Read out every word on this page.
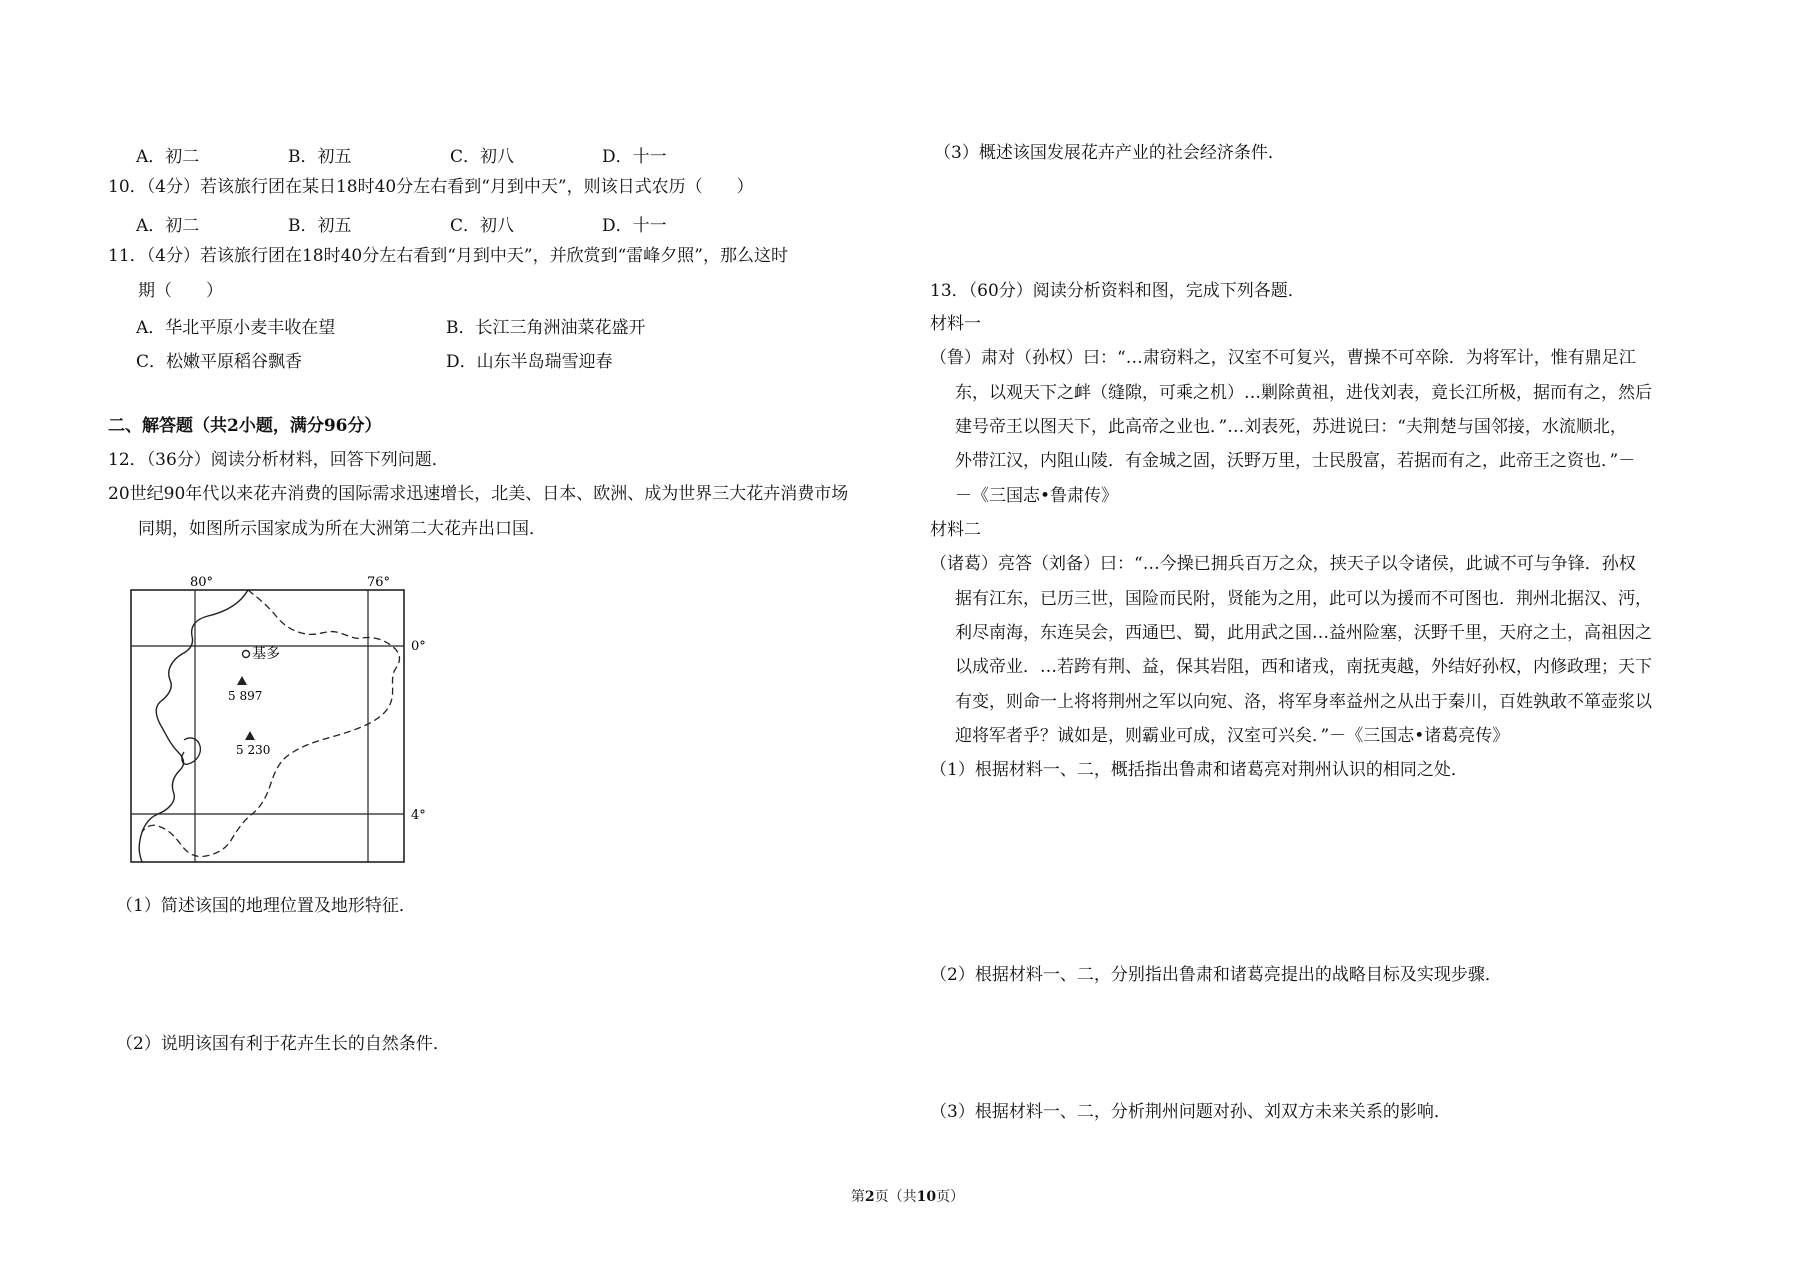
A．初二	B．初五	C．初八	D．十一
10．（4分）若该旅行团在某日18时40分左右看到“月到中天”，则该日式农历（　　）
A．初二	B．初五	C．初八	D．十一
11．（4分）若该旅行团在18时40分左右看到“月到中天”，并欣赏到“雷峰夕照”，那么这时
期（　　）
A．华北平原小麦丰收在望	B．长江三角洲油菜花盛开
C．松嫩平原稻谷飘香	D．山东半岛瑞雪迎春
二、解答题（共2小题，满分96分）
12．（36分）阅读分析材料，回答下列问题．
20世纪90年代以来花卉消费的国际需求迅速增长，北美、日本、欧洲、成为世界三大花卉消费市场
同期，如图所示国家成为所在大洲第二大花卉出口国．
80°	76°
0°
4°
基多
5 897
5 230
（1）简述该国的地理位置及地形特征．
（2）说明该国有利于花卉生长的自然条件．
（3）概述该国发展花卉产业的社会经济条件．
13．（60分）阅读分析资料和图，完成下列各题．
材料一
（鲁）肃对（孙权）曰：“…肃窃料之，汉室不可复兴，曹操不可卒除．为将军计，惟有鼎足江
东，以观天下之衅（缝隙，可乘之机）…剿除黄祖，进伐刘表，竟长江所极，据而有之，然后
建号帝王以图天下，此高帝之业也．”…刘表死，苏进说曰：“夫荆楚与国邻接，水流顺北，
外带江汉，内阻山陵．有金城之固，沃野万里，士民殷富，若据而有之，此帝王之资也．”－
－《三国志•鲁肃传》
材料二
（诸葛）亮答（刘备）曰：“…今操已拥兵百万之众，挟天子以令诸侯，此诚不可与争锋．孙权
据有江东，已历三世，国险而民附，贤能为之用，此可以为援而不可图也．荆州北据汉、沔，
利尽南海，东连吴会，西通巴、蜀，此用武之国…益州险塞，沃野千里，天府之土，高祖因之
以成帝业．…若跨有荆、益，保其岩阻，西和诸戎，南抚夷越，外结好孙权，内修政理；天下
有变，则命一上将将荆州之军以向宛、洛，将军身率益州之从出于秦川，百姓孰敢不箪壶浆以
迎将军者乎？诚如是，则霸业可成，汉室可兴矣．”－《三国志•诸葛亮传》
（1）根据材料一、二，概括指出鲁肃和诸葛亮对荆州认识的相同之处．
（2）根据材料一、二，分别指出鲁肃和诸葛亮提出的战略目标及实现步骤．
（3）根据材料一、二，分析荆州问题对孙、刘双方未来关系的影响．
第2页（共10页）
